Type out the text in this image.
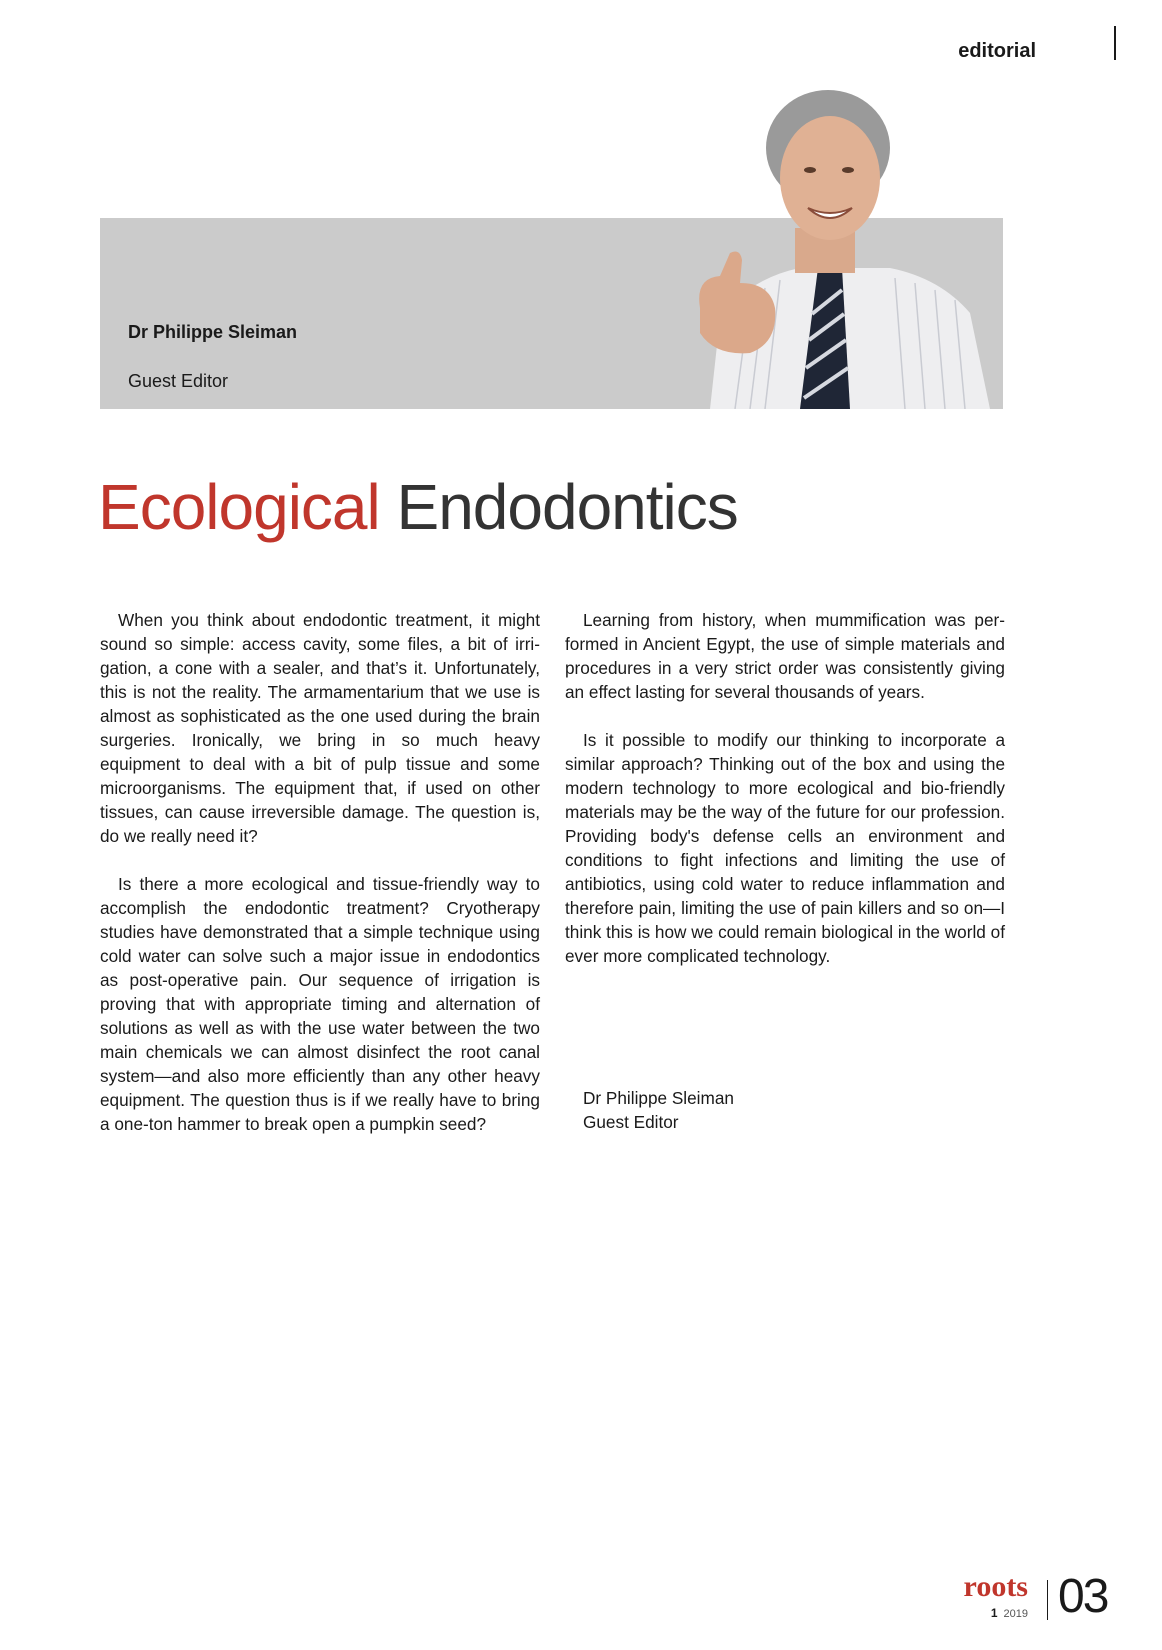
editorial
Dr Philippe Sleiman
Guest Editor
Ecological Endodontics

When you think about endodontic treatment, it might sound so simple: access cavity, some files, a bit of irrigation, a cone with a sealer, and that’s it. Unfortunately, this is not the reality. The armamentarium that we use is almost as sophisticated as the one used during the brain surgeries. Ironically, we bring in so much heavy equipment to deal with a bit of pulp tissue and some microorganisms. The equipment that, if used on other tissues, can cause irreversible damage. The question is, do we really need it?

Is there a more ecological and tissue-friendly way to accomplish the endodontic treatment? Cryotherapy studies have demonstrated that a simple technique using cold water can solve such a major issue in endodontics as post-operative pain. Our sequence of irrigation is proving that with appropriate timing and alternation of solutions as well as with the use water between the two main chemicals we can almost disinfect the root canal system—and also more efficiently than any other heavy equipment. The question thus is if we really have to bring a one-ton hammer to break open a pumpkin seed?

Learning from history, when mummification was performed in Ancient Egypt, the use of simple materials and procedures in a very strict order was consistently giving an effect lasting for several thousands of years.

Is it possible to modify our thinking to incorporate a similar approach? Thinking out of the box and using the modern technology to more ecological and bio-friendly materials may be the way of the future for our profession. Providing body's defense cells an environment and conditions to fight infections and limiting the use of antibiotics, using cold water to reduce inflammation and therefore pain, limiting the use of pain killers and so on—I think this is how we could remain biological in the world of ever more complicated technology.

Dr Philippe Sleiman
Guest Editor
roots
1 2019 03
